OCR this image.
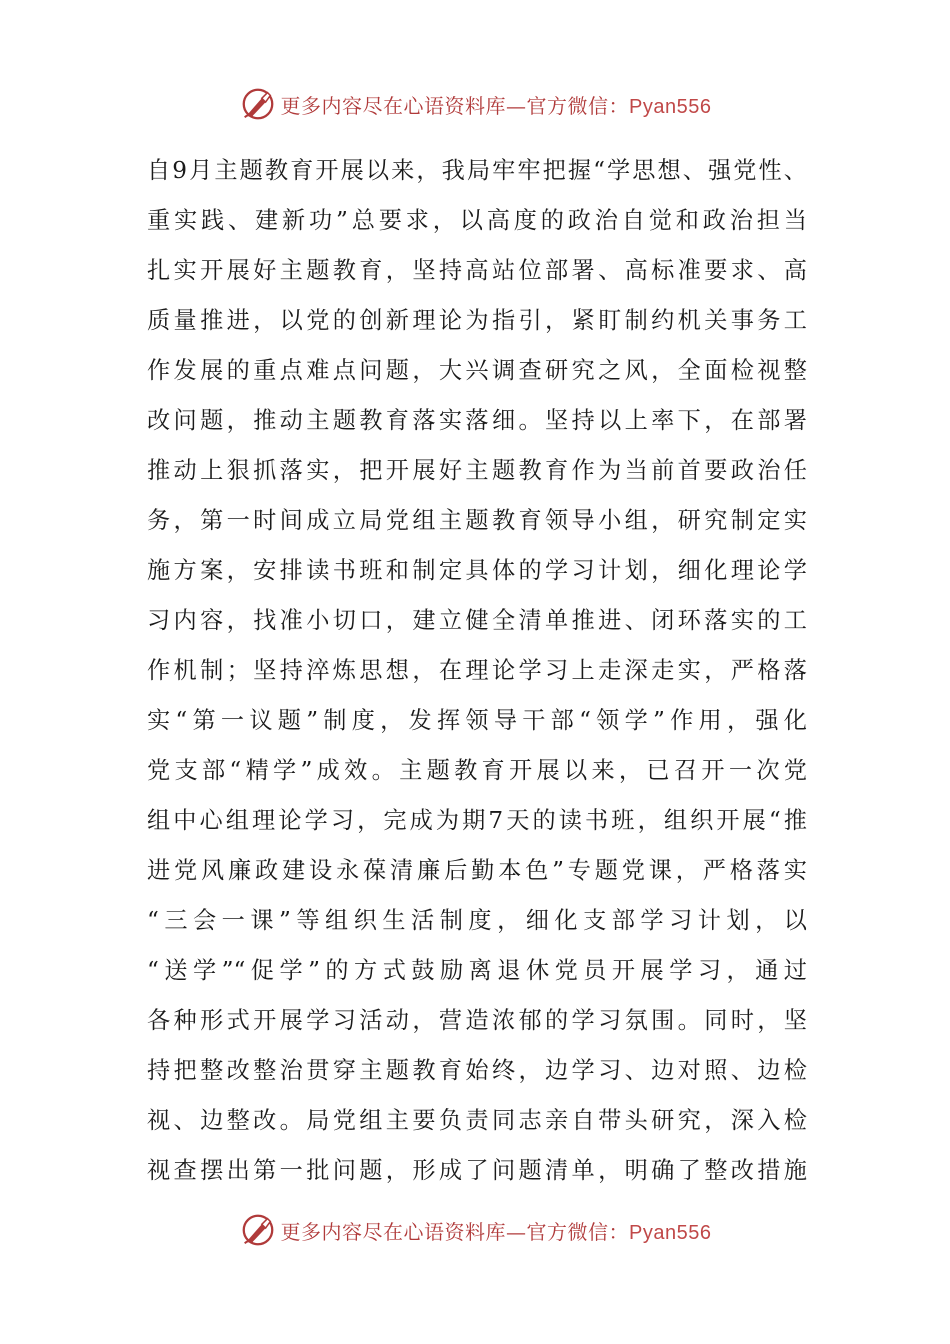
更多内容尽在心语资料库—官方微信：Pyan556
自9月主题教育开展以来，我局牢牢把握“学思想、强党性、
重实践、建新功”总要求，以高度的政治自觉和政治担当
扎实开展好主题教育，坚持高站位部署、高标准要求、高
质量推进，以党的创新理论为指引，紧盯制约机关事务工
作发展的重点难点问题，大兴调查研究之风，全面检视整
改问题，推动主题教育落实落细。坚持以上率下，在部署
推动上狠抓落实，把开展好主题教育作为当前首要政治任
务，第一时间成立局党组主题教育领导小组，研究制定实
施方案，安排读书班和制定具体的学习计划，细化理论学
习内容，找准小切口，建立健全清单推进、闭环落实的工
作机制；坚持淬炼思想，在理论学习上走深走实，严格落
实“第一议题”制度，发挥领导干部“领学”作用，强化
党支部“精学”成效。主题教育开展以来，已召开一次党
组中心组理论学习，完成为期7天的读书班，组织开展“推
进党风廉政建设永葆清廉后勤本色”专题党课，严格落实
“三会一课”等组织生活制度，细化支部学习计划，以
“送学”“促学”的方式鼓励离退休党员开展学习，通过
各种形式开展学习活动，营造浓郁的学习氛围。同时，坚
持把整改整治贯穿主题教育始终，边学习、边对照、边检
视、边整改。局党组主要负责同志亲自带头研究，深入检
视查摆出第一批问题，形成了问题清单，明确了整改措施
更多内容尽在心语资料库—官方微信：Pyan556
